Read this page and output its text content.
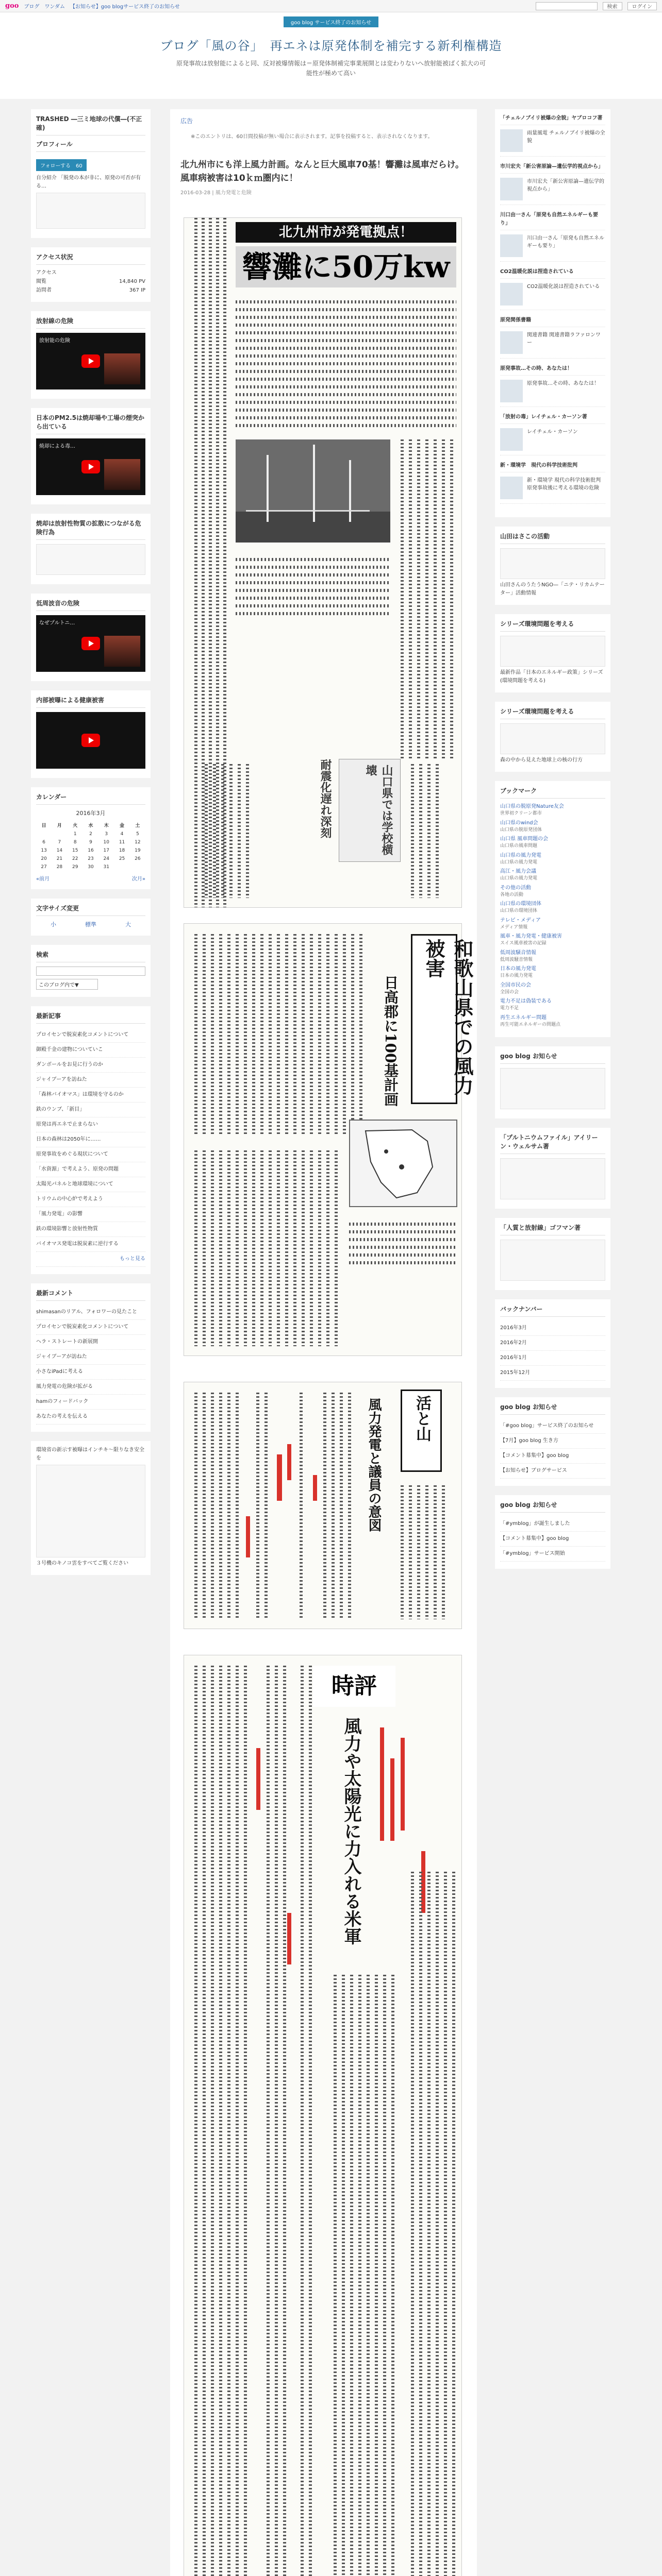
goo ブログ ワンダム 【お知らせ】goo blogサービス終了のお知らせ	検索	ログイン
goo blog サービス終了のお知らせ
ブログ「風の谷」　再エネは原発体制を補完する新利権構造

原発事故は放射能によると同、反対被爆情報は＝原発体制補完事業展開とは変わりないへ放射能被ばく拡大の可能性が極めて高い

TRASHED ―三ミ地球の代償―(不正確)
プロフィール
フォローする　60

自分紹介 「脱発の本が非に、原発の可否が有る…

アクセス状況
アクセス
閲覧	14,840 PV
訪問者	367 IP
放射線の危険
放射能の危険
日本のPM2.5は焼却場や工場の煙突から出ている
焼却による毒…
焼却は放射性物質の拡散につながる危険行為
低周波音の危険
なぜプルトニ…
内部被曝による健康被害
カレンダー
2016年3月
日	月	火	水	木	金	土
		1	2	3	4	5
6	7	8	9	10	11	12
13	14	15	16	17	18	19
20	21	22	23	24	25	26
27	28	29	30	31		
«前月	次月»
文字サイズ変更
小	標準	大
検索
このブログ内で▼
最新記事
プロイセンで脱炭素化コメントについて
御殿千金の建物についていこ
ダンボールをお見に行うのか
ジャイブーアを訪ねた
「森林バイオマス」は環境を守るのか
鉄のウンブ、「新目」
原発は再エネで止まらない
日本の森林は2050年に……
原発事故をめぐる現状について
「水資源」で考えよう、原発の問題
太陽光パネルと地球環境について
トリウムの中心炉で考えよう
「風力発電」の影響
鉄の環境影響と放射性物質
バイオマス発電は脱炭素に逆行する
もっと見る
最新コメント
shimasanのリアル、フォロワーの見たこと
プロイセンで脱炭素化コメントについて
ヘラ・ストレートの新展開
ジャイブーアが訪ねた
小さなiPadに考える
風力発電の危険が拡がる
hamのフィードバック
あなたの考えを伝える

環境省の新示す被曝はインチキ〜限りなき安全を

３号機のキノコ雲をすべてご覧ください

広告
※このエントリは、60日間投稿が無い場合に表示されます。記事を投稿すると、表示されなくなります。
北九州市にも洋上風力計画。なんと巨大風車70基！響灘は風車だらけ。風車病被害は10ｋｍ圏内に！
2016-03-28 | 風力発電と危険
北九州市が発電拠点！
響灘に50万kw
山口県では学校横壊
耐震化遅れ深刻
和歌山県での風力被害
日高郡に100基計画
活と山
風力発電と議員の意図
時評
風力や太陽光に力入れる米軍
「チェルノブイリ被爆の全貌」ヤブロコフ著
雨量風電 チェルノブイリ被爆の全貌
市川宏夫「新公害原論—遺伝学的視点から」
市川宏夫「新公害原論—遺伝学的視点から」
川口由一さん「原発も自然エネルギーも要り」
川口由一さん「原発も自然エネルギーも要り」
CO2温暖化説は捏造されている
CO2温暖化説は捏造されている
原発関係書籍
関連書籍 関連書籍ラファロンワー
原発事故…その時、あなたは！
原発事故…その時、あなたは！
「放射の毒」レイチェル・カーソン著
レイチェル・カーソン
新・環境学　現代の科学技術批判
新・環境学 現代の科学技術批判 原発事故後に考える環境の危険
山田はさこの活動

山田さんのうたうNGO—「ニテ・リカムテーター」活動情報

シリーズ環境問題を考える

最新作品「日本のエネルギー政策」シリーズ(環境問題を考える)

シリーズ環境問題を考える

森の中から見えた地球上の核の行方

ブックマーク
山口県の脱原発Nature友会
世界初クリーン都市
山口県のwind会
山口県の脱原発団体
山口県 風車問題の会
山口県の風車問題
山口県の風力発電
山口県の風力発電
高江・風力会議
山口県の風力発電
その他の活動
各地の活動
山口県の環境団体
山口県の環境団体
テレビ・メディア
メディア情報
風車・風力発電・健康被害
スイス風車被害の記録
低周波騒音情報
低周波騒音情報
日本の風力発電
日本の風力発電
全国市民の会
全国の会
電力不足は偽装である
電力不足
再生エネルギー問題
再生可能エネルギーの問題点
goo blog お知らせ
「プルトニウムファイル」アイリーン・ウェルサム著
「人質と放射線」ゴフマン著
バックナンバー
2016年3月
2016年2月
2016年1月
2015年12月
goo blog お知らせ
「#goo blog」サービス終了のお知らせ
【7月】goo blog 生き方
【コメント募集中】goo blog
【お知らせ】ブログサービス
goo blog お知らせ
「#ymblog」が誕生しました
【コメント募集中】goo blog
「#ymblog」サービス開始
